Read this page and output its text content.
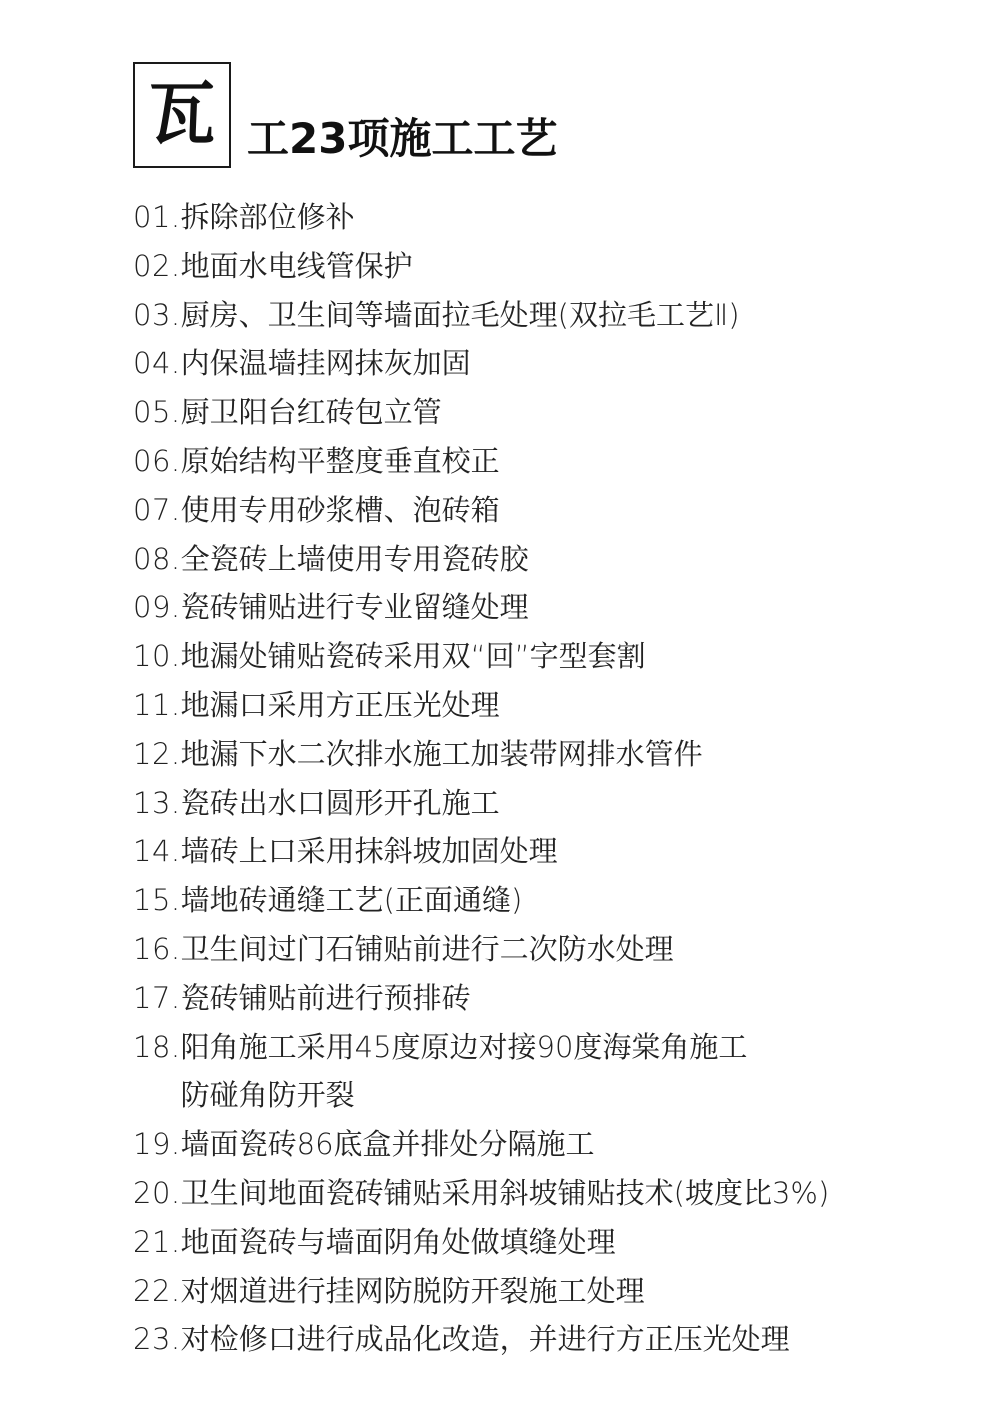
瓦 工23项施工工艺
01. 拆除部位修补
02. 地面水电线管保护
03. 厨房、卫生间等墙面拉毛处理(双拉毛工艺Ⅱ)
04. 内保温墙挂网抹灰加固
05. 厨卫阳台红砖包立管
06. 原始结构平整度垂直校正
07. 使用专用砂浆槽、泡砖箱
08. 全瓷砖上墙使用专用瓷砖胶
09. 瓷砖铺贴进行专业留缝处理
10. 地漏处铺贴瓷砖采用双“回”字型套割
11. 地漏口采用方正压光处理
12. 地漏下水二次排水施工加装带网排水管件
13. 瓷砖出水口圆形开孔施工
14. 墙砖上口采用抹斜坡加固处理
15. 墙地砖通缝工艺(正面通缝)
16. 卫生间过门石铺贴前进行二次防水处理
17. 瓷砖铺贴前进行预排砖
18. 阳角施工采用45度原边对接90度海棠角施工
防碰角防开裂
19. 墙面瓷砖86底盒并排处分隔施工
20. 卫生间地面瓷砖铺贴采用斜坡铺贴技术(坡度比3%)
21. 地面瓷砖与墙面阴角处做填缝处理
22. 对烟道进行挂网防脱防开裂施工处理
23. 对检修口进行成品化改造，并进行方正压光处理
